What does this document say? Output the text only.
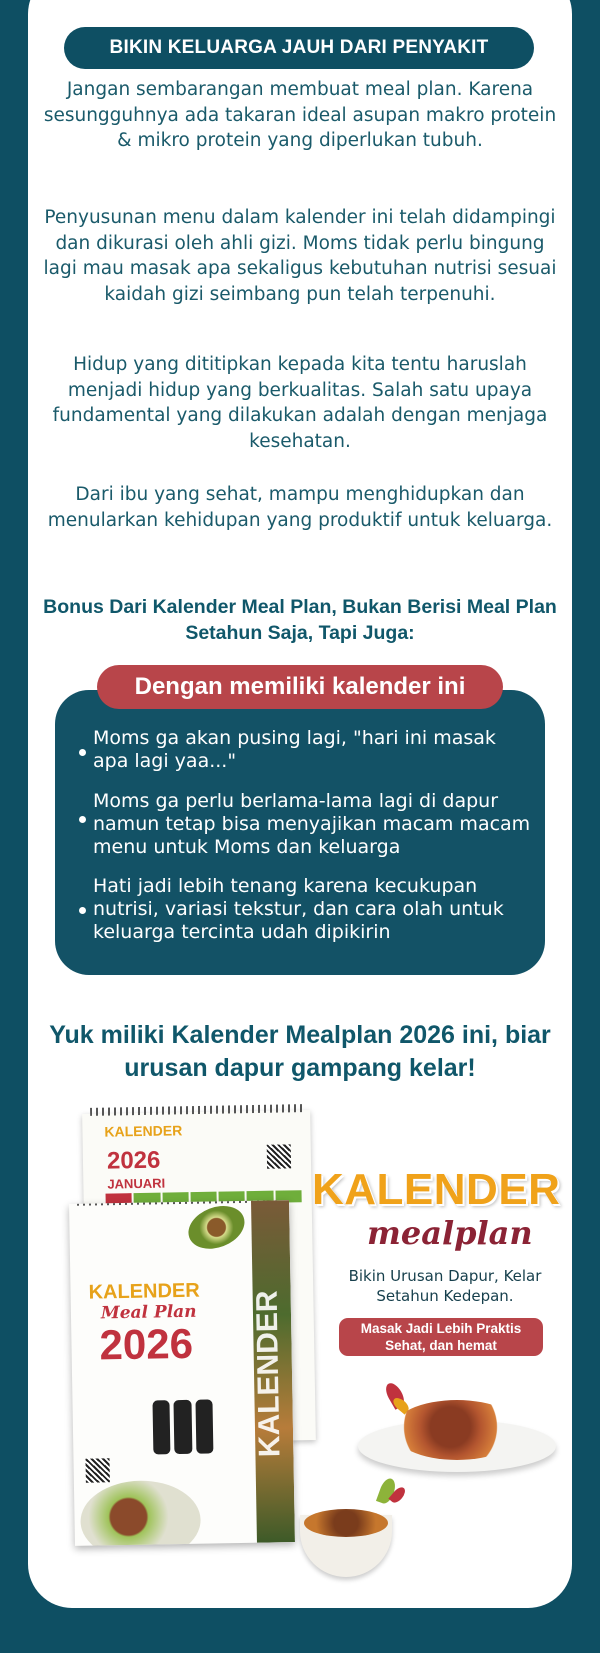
BIKIN KELUARGA JAUH DARI PENYAKIT

Jangan sembarangan membuat meal plan. Karena sesungguhnya ada takaran ideal asupan makro protein & mikro protein yang diperlukan tubuh.

Penyusunan menu dalam kalender ini telah didampingi dan dikurasi oleh ahli gizi. Moms tidak perlu bingung lagi mau masak apa sekaligus kebutuhan nutrisi sesuai kaidah gizi seimbang pun telah terpenuhi.

Hidup yang dititipkan kepada kita tentu haruslah menjadi hidup yang berkualitas. Salah satu upaya fundamental yang dilakukan adalah dengan menjaga kesehatan.

Dari ibu yang sehat, mampu menghidupkan dan menularkan kehidupan yang produktif untuk keluarga.

Bonus Dari Kalender Meal Plan, Bukan Berisi Meal Plan Setahun Saja, Tapi Juga:

Dengan memiliki kalender ini
Moms ga akan pusing lagi, "hari ini masak apa lagi yaa..."
Moms ga perlu berlama-lama lagi di dapur namun tetap bisa menyajikan macam macam menu untuk Moms dan keluarga
Hati jadi lebih tenang karena kecukupan nutrisi, variasi tekstur, dan cara olah untuk keluarga tercinta udah dipikirin

Yuk miliki Kalender Mealplan 2026 ini, biar urusan dapur gampang kelar!

KALENDER
2026
JANUARI
KALENDER
Meal Plan
2026 KALENDER
KALENDER
mealplan
Bikin Urusan Dapur, Kelar Setahun Kedepan.
Masak Jadi Lebih Praktis Sehat, dan hemat
